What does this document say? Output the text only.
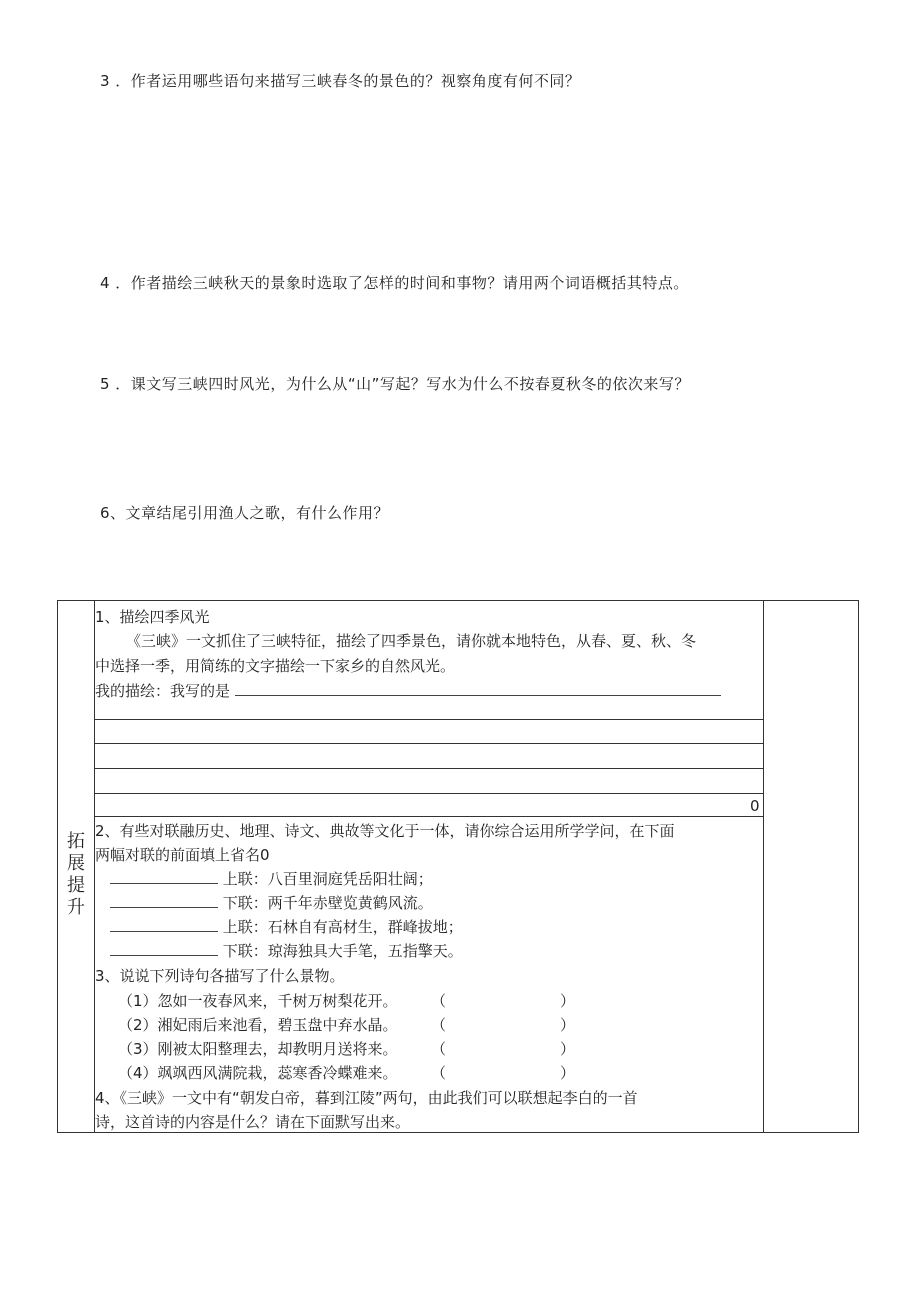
3 ．作者运用哪些语句来描写三峡春冬的景色的？视察角度有何不同？
4 ．作者描绘三峡秋天的景象时选取了怎样的时间和事物？请用两个词语概括其特点。
5 ．课文写三峡四时风光，为什么从“山”写起？写水为什么不按春夏秋冬的依次来写？
6、文章结尾引用渔人之歌，有什么作用？
拓
展
提
升
1、描绘四季风光
《三峡》一文抓住了三峡特征，描绘了四季景色，请你就本地特色，从春、夏、秋、冬
中选择一季，用简练的文字描绘一下家乡的自然风光。
我的描绘：我写的是
0
2、有些对联融历史、地理、诗文、典故等文化于一体，请你综合运用所学学问，在下面
两幅对联的前面填上省名0
上联：八百里洞庭凭岳阳壮阔；
下联：两千年赤壁览黄鹤风流。
上联：石林自有高材生，群峰拔地；
下联：琼海独具大手笔，五指擎天。
3、说说下列诗句各描写了什么景物。
（1）忽如一夜春风来，千树万树梨花开。 （	）
（2）湘妃雨后来池看，碧玉盘中弃水晶。 （	）
（3）刚被太阳整理去，却教明月送将来。 （	）
（4）飒飒西风满院栽，蕊寒香冷蝶难来。 （	）
4、《三峡》一文中有“朝发白帝，暮到江陵”两句，由此我们可以联想起李白的一首
诗，这首诗的内容是什么？请在下面默写出来。
